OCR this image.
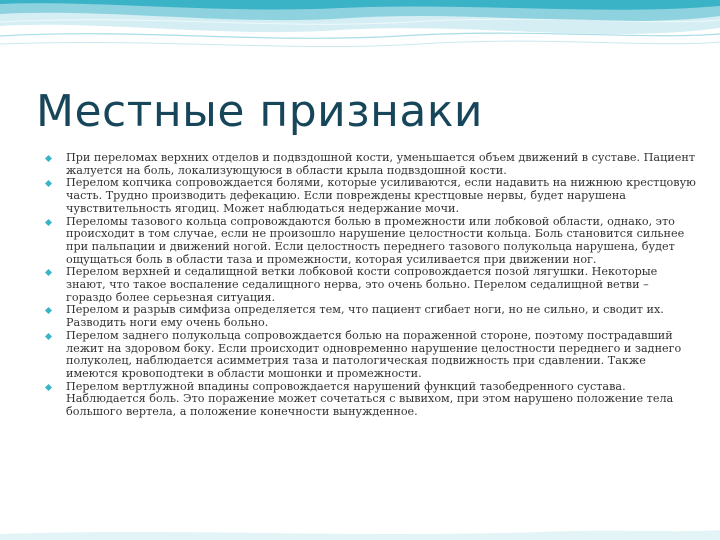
Местные признаки
При переломах верхних отделов и подвздошной кости, уменьшается объем движений в суставе. Пациент жалуется на боль, локализующуюся в области крыла подвздошной кости.
Перелом копчика сопровождается болями, которые усиливаются, если надавить на нижнюю крестцовую часть. Трудно производить дефекацию. Если повреждены крестцовые нервы, будет нарушена чувствительность ягодиц. Может наблюдаться недержание мочи.
Переломы тазового кольца сопровождаются болью в промежности или лобковой области, однако, это происходит в том случае, если не произошло нарушение целостности кольца. Боль становится сильнее при пальпации и движений ногой. Если целостность переднего тазового полукольца нарушена, будет ощущаться боль в области таза и промежности, которая усиливается при движении ног.
Перелом верхней и седалищной ветки лобковой кости сопровождается позой лягушки. Некоторые знают, что такое воспаление седалищного нерва, это очень больно. Перелом седалищной ветви – гораздо более серьезная ситуация.
Перелом и разрыв симфиза определяется тем, что пациент сгибает ноги, но не сильно, и сводит их. Разводить ноги ему очень больно.
Перелом заднего полукольца сопровождается болью на пораженной стороне, поэтому пострадавший лежит на здоровом боку. Если происходит одновременно нарушение целостности переднего и заднего полуколец, наблюдается асимметрия таза и патологическая подвижность при сдавлении. Также имеются кровоподтеки в области мошонки и промежности.
Перелом вертлужной впадины сопровождается нарушений функций тазобедренного сустава. Наблюдается боль. Это поражение может сочетаться с вывихом, при этом нарушено положение тела большого вертела, а положение конечности вынужденное.
